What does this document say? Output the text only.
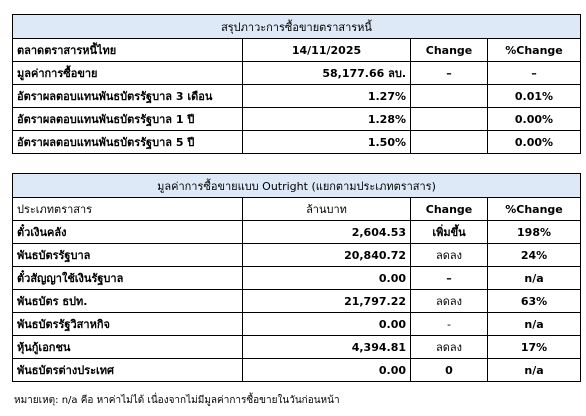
สรุปภาวะการซื้อขายตราสารหนี้			
ตลาดตราสารหนี้ไทย	14/11/2025	Change	%Change
มูลค่าการซื้อขาย	58,177.66 ลบ.	–	–
อัตราผลตอบแทนพันธบัตรรัฐบาล 3 เดือน	1.27%		0.01%
อัตราผลตอบแทนพันธบัตรรัฐบาล 1 ปี	1.28%		0.00%
อัตราผลตอบแทนพันธบัตรรัฐบาล 5 ปี	1.50%		0.00%
มูลค่าการซื้อขายแบบ Outright (แยกตามประเภทตราสาร)			
ประเภทตราสาร	ล้านบาท	Change	%Change
ตั๋วเงินคลัง	2,604.53	เพิ่มขึ้น	198%
พันธบัตรรัฐบาล	20,840.72	ลดลง	24%
ตั๋วสัญญาใช้เงินรัฐบาล	0.00	–	n/a
พันธบัตร ธปท.	21,797.22	ลดลง	63%
พันธบัตรรัฐวิสาหกิจ	0.00	-	n/a
หุ้นกู้เอกชน	4,394.81	ลดลง	17%
พันธบัตรต่างประเทศ	0.00	0	n/a
หมายเหตุ: n/a คือ หาค่าไม่ได้ เนื่องจากไม่มีมูลค่าการซื้อขายในวันก่อนหน้า
